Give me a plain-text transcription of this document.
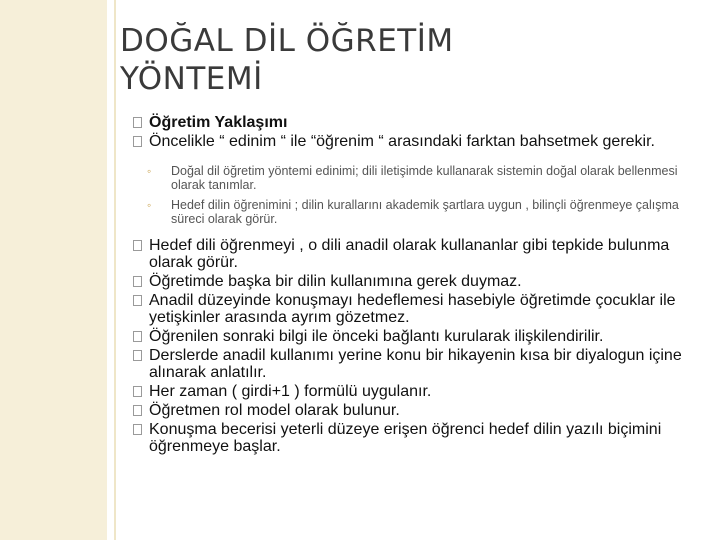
DOĞAL DİL ÖĞRETİM
YÖNTEMİ
Öğretim Yaklaşımı
Öncelikle “ edinim “ ile “öğrenim “ arasındaki farktan bahsetmek gerekir.
◦ Doğal dil öğretim yöntemi edinimi; dili iletişimde kullanarak sistemin doğal olarak bellenmesi olarak tanımlar.
◦ Hedef dilin öğrenimini ; dilin kurallarını akademik şartlara uygun , bilinçli öğrenmeye çalışma süreci olarak görür.
Hedef dili öğrenmeyi , o dili anadil olarak kullananlar gibi tepkide bulunma olarak görür.
Öğretimde başka bir dilin kullanımına gerek duymaz.
Anadil düzeyinde konuşmayı hedeflemesi hasebiyle öğretimde çocuklar ile yetişkinler arasında ayrım gözetmez.
Öğrenilen sonraki bilgi ile önceki bağlantı kurularak ilişkilendirilir.
Derslerde anadil kullanımı yerine konu bir hikayenin kısa bir diyalogun içine alınarak anlatılır.
Her zaman ( girdi+1 ) formülü uygulanır.
Öğretmen rol model olarak bulunur.
Konuşma becerisi yeterli düzeye erişen öğrenci hedef dilin yazılı biçimini öğrenmeye başlar.
